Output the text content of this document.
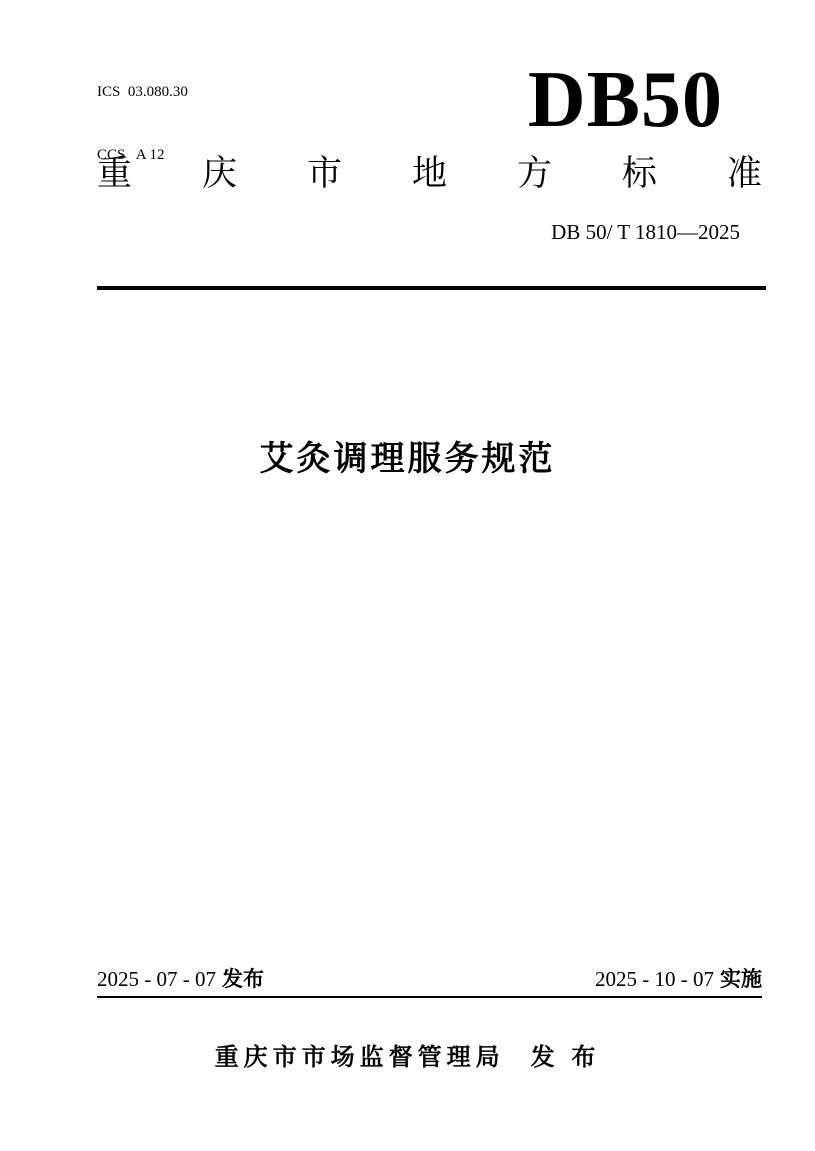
ICS  03.080.30

CCS   A 12

DB50
重 庆 市 地 方 标 准
DB 50/ T 1810—2025
艾灸调理服务规范
2025 - 07 - 07 发布	2025 - 10 - 07 实施
重庆市市场监督管理局 发 布
